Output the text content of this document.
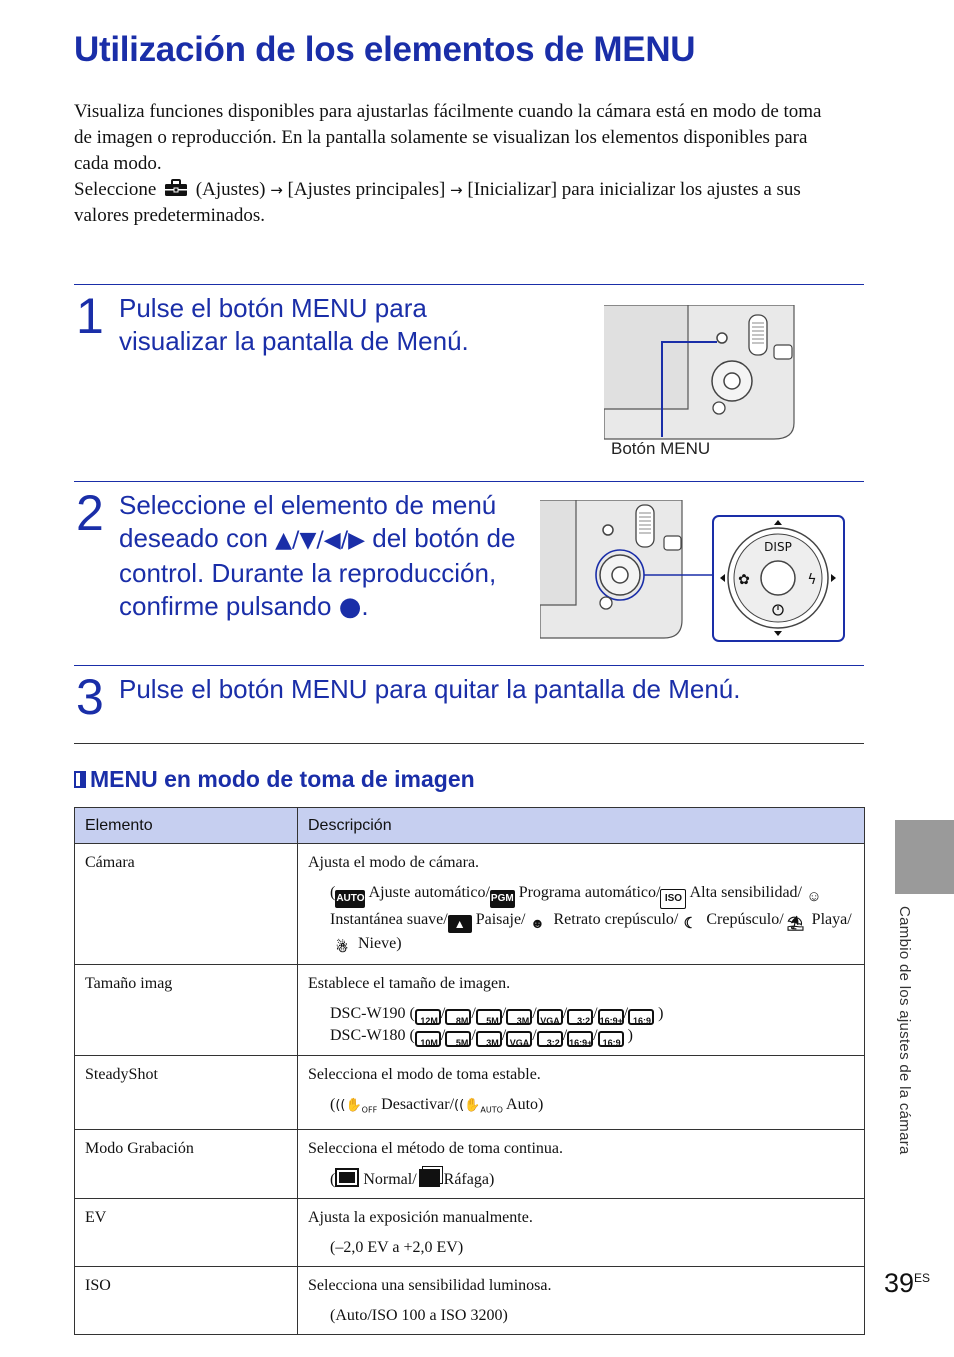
Utilización de los elementos de MENU

Visualiza funciones disponibles para ajustarlas fácilmente cuando la cámara está en modo de toma de imagen o reproducción. En la pantalla solamente se visualizan los elementos disponibles para cada modo.

Seleccione (Ajustes) → [Ajustes principales] → [Inicializar] para inicializar los ajustes a sus valores predeterminados.

1 Pulse el botón MENU para visualizar la pantalla de Menú.
Botón MENU
2 Seleccione el elemento de menú deseado con ▲/▼/◀/▶ del botón de control. Durante la reproducción, confirme pulsando ●.
DISP
✿	ϟ
3 Pulse el botón MENU para quitar la pantalla de Menú.
MENU en modo de toma de imagen
Elemento	Descripción
Cámara	Ajusta el modo de cámara.
(AUTO Ajuste automático/PGM Programa automático/ ISO Alta sensibilidad/ ☺ Instantánea suave/ ▲ Paisaje/ ☻ Retrato crepúsculo/ ☾ Crepúsculo/ ⛱ Playa/☃ Nieve)

Tamaño imag	Establece el tamaño de imagen.
DSC-W190 ( 12M / 8M / 5M / 3M / VGA / 3:2 / 16:9+/ 16:9 )
DSC-W180 ( 10M / 5M / 3M / VGA / 3:2 / 16:9+/ 16:9 )

SteadyShot	Selecciona el modo de toma estable.
((($✋_{OFF}$ Desactivar/(($✋_{AUTO}$ Auto)

Modo Grabación	Selecciona el método de toma continua.
( Normal/ Ráfaga)

EV	Ajusta la exposición manualmente.
(–2,0 EV a +2,0 EV)

ISO	Selecciona una sensibilidad luminosa.
(Auto/ISO 100 a ISO 3200)
Cambio de los ajustes de la cámara
$39^{ES}$
